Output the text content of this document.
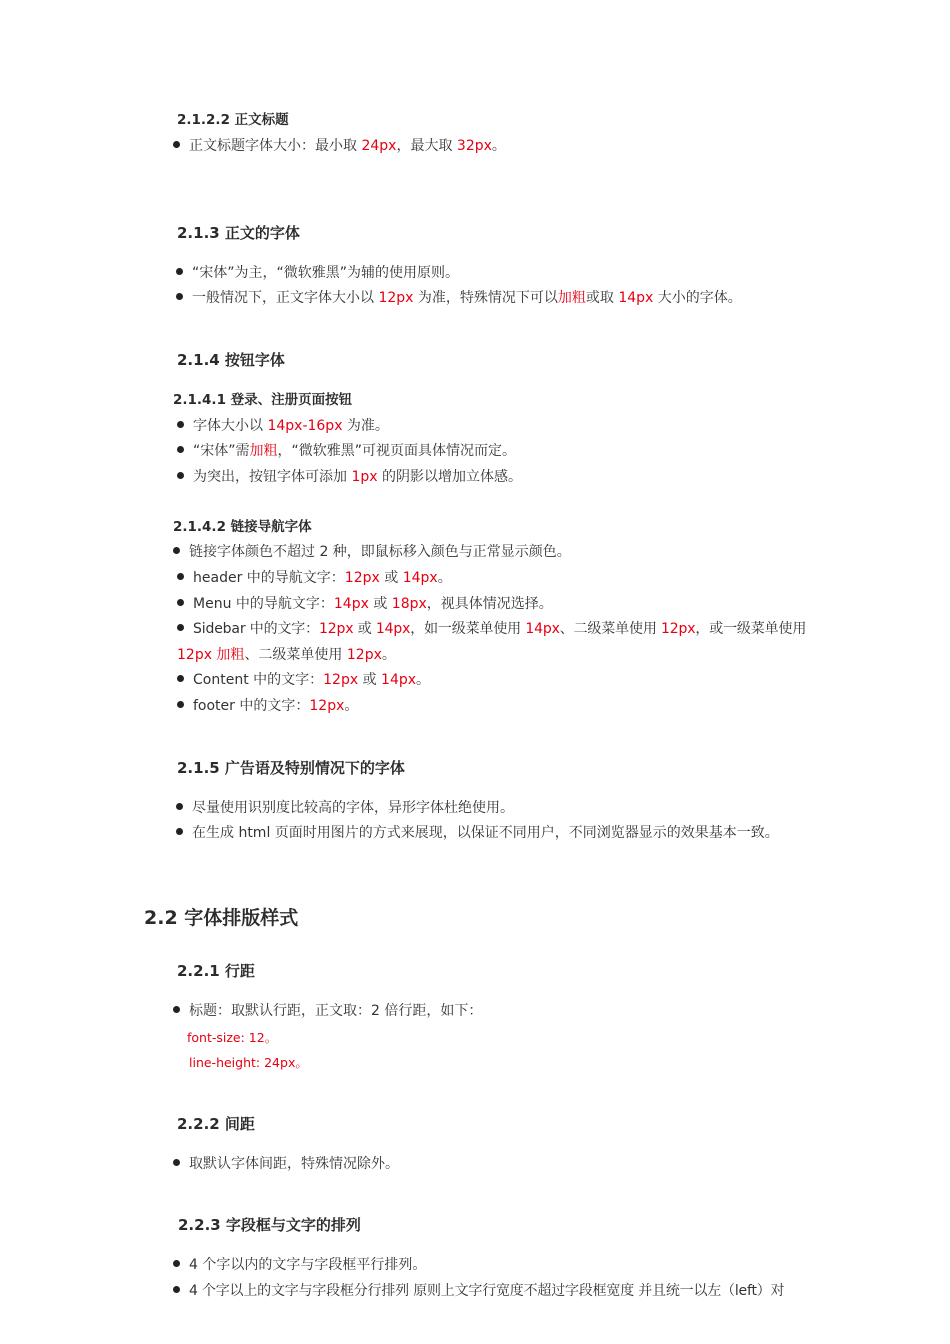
2.1.2.2 正文标题
正文标题字体大小：最小取 24px，最大取 32px。
2.1.3 正文的字体
“宋体”为主，“微软雅黑”为辅的使用原则。
一般情况下，正文字体大小以 12px 为准，特殊情况下可以加粗或取 14px 大小的字体。
2.1.4 按钮字体
2.1.4.1 登录、注册页面按钮
字体大小以 14px-16px 为准。
“宋体”需加粗，“微软雅黑”可视页面具体情况而定。
为突出，按钮字体可添加 1px 的阴影以增加立体感。
2.1.4.2 链接导航字体
链接字体颜色不超过 2 种，即鼠标移入颜色与正常显示颜色。
header 中的导航文字：12px 或 14px。
Menu 中的导航文字：14px 或 18px，视具体情况选择。
Sidebar 中的文字：12px 或 14px，如一级菜单使用 14px、二级菜单使用 12px，或一级菜单使用
12px 加粗、二级菜单使用 12px。
Content 中的文字：12px 或 14px。
footer 中的文字：12px。
2.1.5 广告语及特别情况下的字体
尽量使用识别度比较高的字体，异形字体杜绝使用。
在生成 html 页面时用图片的方式来展现，以保证不同用户，不同浏览器显示的效果基本一致。
2.2 字体排版样式
2.2.1 行距
标题：取默认行距，正文取：2 倍行距，如下：
font-size: 12。
line-height: 24px。
2.2.2 间距
取默认字体间距，特殊情况除外。
2.2.3 字段框与文字的排列
4 个字以内的文字与字段框平行排列。
4 个字以上的文字与字段框分行排列 原则上文字行宽度不超过字段框宽度 并且统一以左（left）对
